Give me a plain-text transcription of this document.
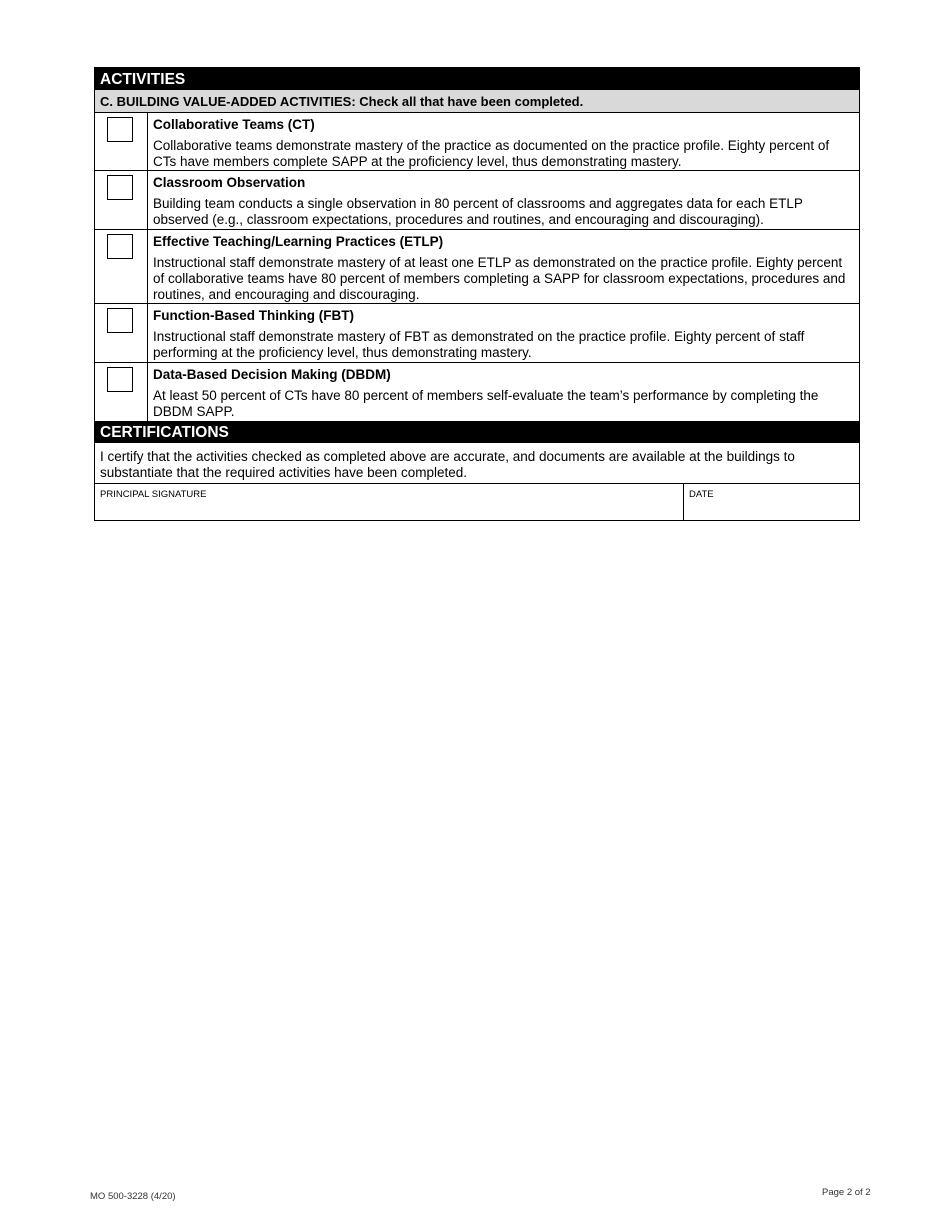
ACTIVITIES
C. BUILDING VALUE-ADDED ACTIVITIES: Check all that have been completed.
Collaborative Teams (CT)
Collaborative teams demonstrate mastery of the practice as documented on the practice profile. Eighty percent of CTs have members complete SAPP at the proficiency level, thus demonstrating mastery.
Classroom Observation
Building team conducts a single observation in 80 percent of classrooms and aggregates data for each ETLP observed (e.g., classroom expectations, procedures and routines, and encouraging and discouraging).
Effective Teaching/Learning Practices (ETLP)
Instructional staff demonstrate mastery of at least one ETLP as demonstrated on the practice profile. Eighty percent of collaborative teams have 80 percent of members completing a SAPP for classroom expectations, procedures and routines, and encouraging and discouraging.
Function-Based Thinking (FBT)
Instructional staff demonstrate mastery of FBT as demonstrated on the practice profile. Eighty percent of staff performing at the proficiency level, thus demonstrating mastery.
Data-Based Decision Making (DBDM)
At least 50 percent of CTs have 80 percent of members self-evaluate the team’s performance by completing the DBDM SAPP.
CERTIFICATIONS
I certify that the activities checked as completed above are accurate, and documents are available at the buildings to substantiate that the required activities have been completed.
PRINCIPAL SIGNATURE	DATE
MO 500-3228 (4/20)	Page 2 of 2
